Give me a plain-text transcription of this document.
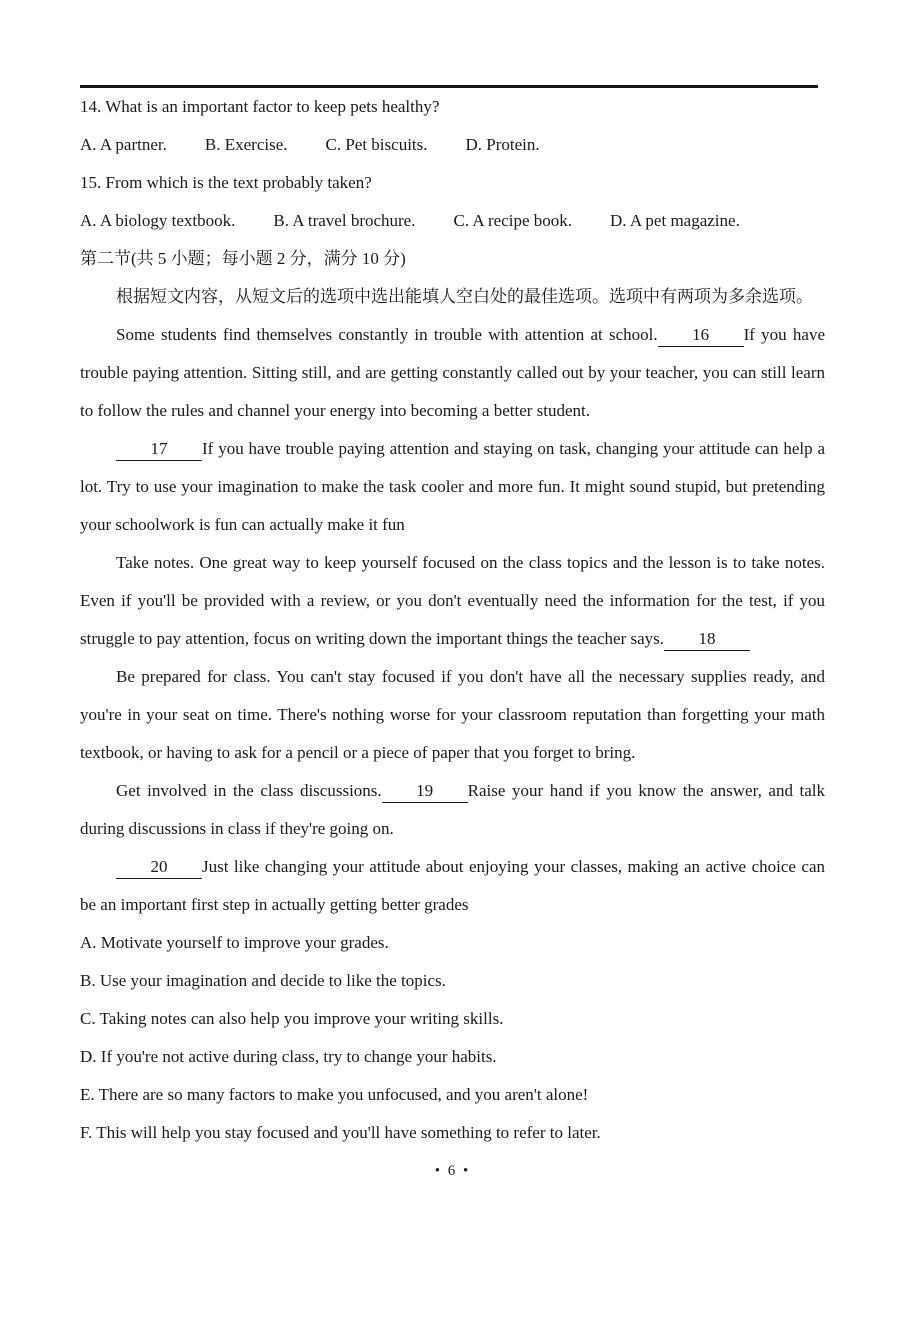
14. What is an important factor to keep pets healthy?
A. A partner. B. Exercise. C. Pet biscuits. D. Protein.
15. From which is the text probably taken?
A. A biology textbook. B. A travel brochure. C. A recipe book. D. A pet magazine.
第二节(共 5 小题；每小题 2 分，满分 10 分)
根据短文内容，从短文后的选项中选出能填人空白处的最佳选项。选项中有两项为多余选项。

Some students find themselves constantly in trouble with attention at school. 16 If you have trouble paying attention. Sitting still, and are getting constantly called out by your teacher, you can still learn to follow the rules and channel your energy into becoming a better student.

17 If you have trouble paying attention and staying on task, changing your attitude can help a lot. Try to use your imagination to make the task cooler and more fun. It might sound stupid, but pretending your schoolwork is fun can actually make it fun

Take notes. One great way to keep yourself focused on the class topics and the lesson is to take notes. Even if you'll be provided with a review, or you don't eventually need the information for the test, if you struggle to pay attention, focus on writing down the important things the teacher says. 18

Be prepared for class. You can't stay focused if you don't have all the necessary supplies ready, and you're in your seat on time. There's nothing worse for your classroom reputation than forgetting your math textbook, or having to ask for a pencil or a piece of paper that you forget to bring.

Get involved in the class discussions. 19 Raise your hand if you know the answer, and talk during discussions in class if they're going on.

20 Just like changing your attitude about enjoying your classes, making an active choice can be an important first step in actually getting better grades

A. Motivate yourself to improve your grades.
B. Use your imagination and decide to like the topics.
C. Taking notes can also help you improve your writing skills.
D. If you're not active during class, try to change your habits.
E. There are so many factors to make you unfocused, and you aren't alone!
F. This will help you stay focused and you'll have something to refer to later.
• 6 •
